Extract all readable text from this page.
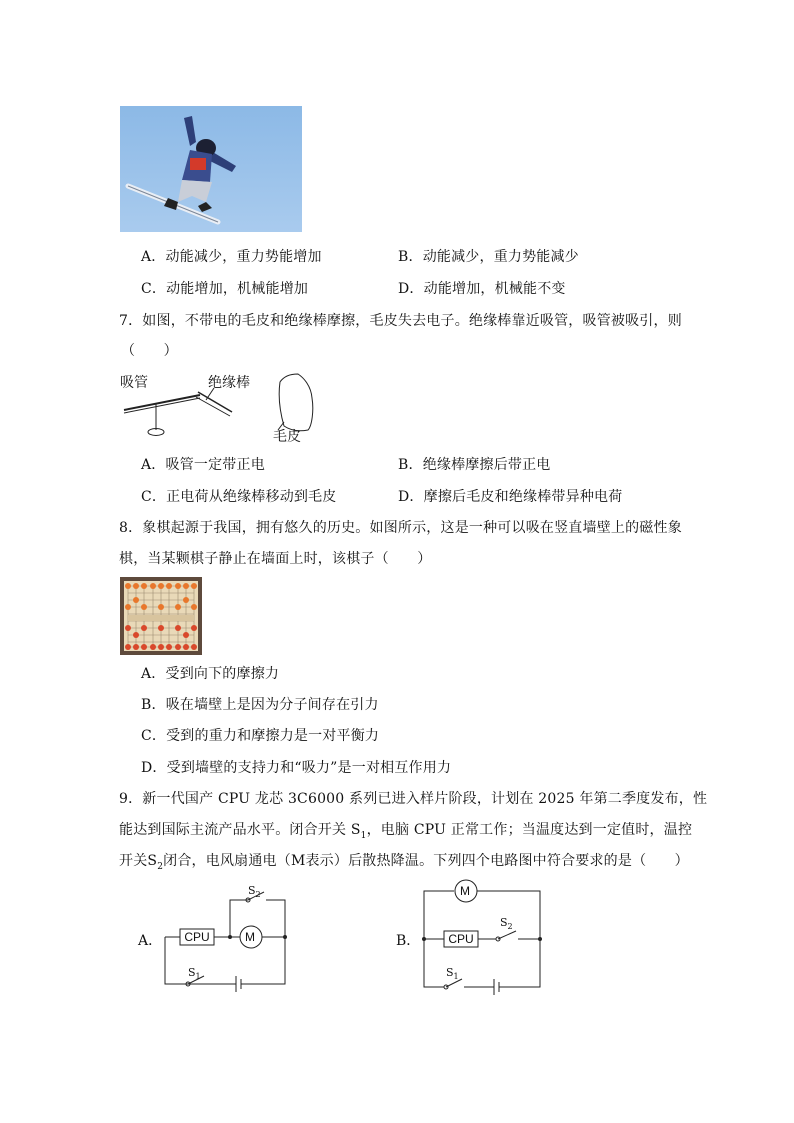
A．动能减少，重力势能增加	B．动能减少，重力势能减少
C．动能增加，机械能增加	D．动能增加，机械能不变
7．如图，不带电的毛皮和绝缘棒摩擦，毛皮失去电子。绝缘棒靠近吸管，吸管被吸引，则
（　　）
吸管	绝缘棒
毛皮
A．吸管一定带正电	B．绝缘棒摩擦后带正电
C．正电荷从绝缘棒移动到毛皮	D．摩擦后毛皮和绝缘棒带异种电荷
8．象棋起源于我国，拥有悠久的历史。如图所示，这是一种可以吸在竖直墙壁上的磁性象
棋，当某颗棋子静止在墙面上时，该棋子（　　）
A．受到向下的摩擦力
B．吸在墙壁上是因为分子间存在引力
C．受到的重力和摩擦力是一对平衡力
D．受到墙壁的支持力和“吸力”是一对相互作用力
9．新一代国产 CPU 龙芯 3C6000 系列已进入样片阶段，计划在 2025 年第二季度发布，性
能达到国际主流产品水平。闭合开关 $S_1$，电脑 CPU 正常工作；当温度达到一定值时，温控
开关$S_2$闭合，电风扇通电（M表示）后散热降温。下列四个电路图中符合要求的是（　　）
A． CPU	M
$S_2$
$S_1$
B． CPU
M
$S_2$
$S_1$
